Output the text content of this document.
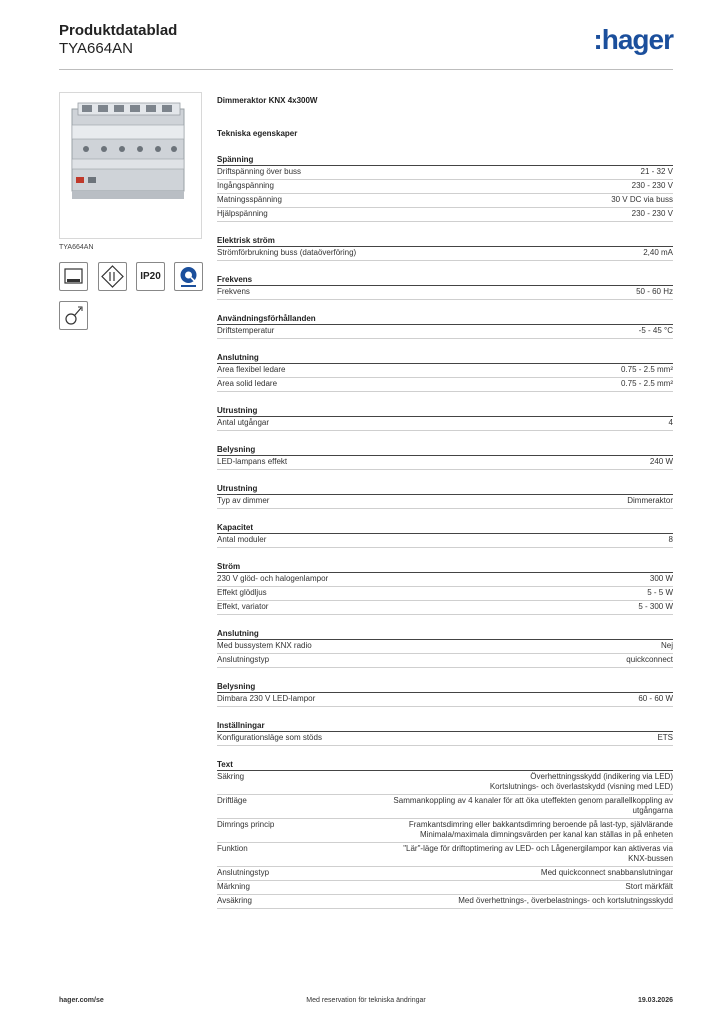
Produktdatablad
TYA664AN	:hager
TYA664AN
IP20
Dimmeraktor KNX 4x300W
Tekniska egenskaper
Spänning
Driftspänning över buss	21 - 32 V
Ingångspänning	230 - 230 V
Matningsspänning	30 V DC via buss
Hjälpspänning	230 - 230 V
Elektrisk ström
Strömförbrukning buss (dataöverföring)	2,40 mA
Frekvens
Frekvens	50 - 60 Hz
Användningsförhållanden
Driftstemperatur	-5 - 45 °C
Anslutning
Area flexibel ledare	0.75 - 2.5 mm²
Area solid ledare	0.75 - 2.5 mm²
Utrustning
Antal utgångar	4
Belysning
LED-lampans effekt	240 W
Utrustning
Typ av dimmer	Dimmeraktor
Kapacitet
Antal moduler	8
Ström
230 V glöd- och halogenlampor	300 W
Effekt glödljus	5 - 5 W
Effekt, variator	5 - 300 W
Anslutning
Med bussystem KNX radio	Nej
Anslutningstyp	quickconnect
Belysning
Dimbara 230 V LED-lampor	60 - 60 W
Inställningar
Konfigurationsläge som stöds	ETS
Text
Säkring	Överhettningsskydd (indikering via LED)
Kortslutnings- och överlastskydd (visning med LED)
Driftläge	Sammankoppling av 4 kanaler för att öka uteffekten genom parallellkoppling av utgångarna
Dimrings princip	Framkantsdimring eller bakkantsdimring beroende på last-typ, självlärande
Minimala/maximala dimningsvärden per kanal kan ställas in på enheten
Funktion	"Lär"-läge för driftoptimering av LED- och Lågenergilampor kan aktiveras via KNX-bussen
Anslutningstyp	Med quickconnect snabbanslutningar
Märkning	Stort märkfält
Avsäkring	Med överhettnings-, överbelastnings- och kortslutningsskydd
hager.com/se	Med reservation för tekniska ändringar	19.03.2026
